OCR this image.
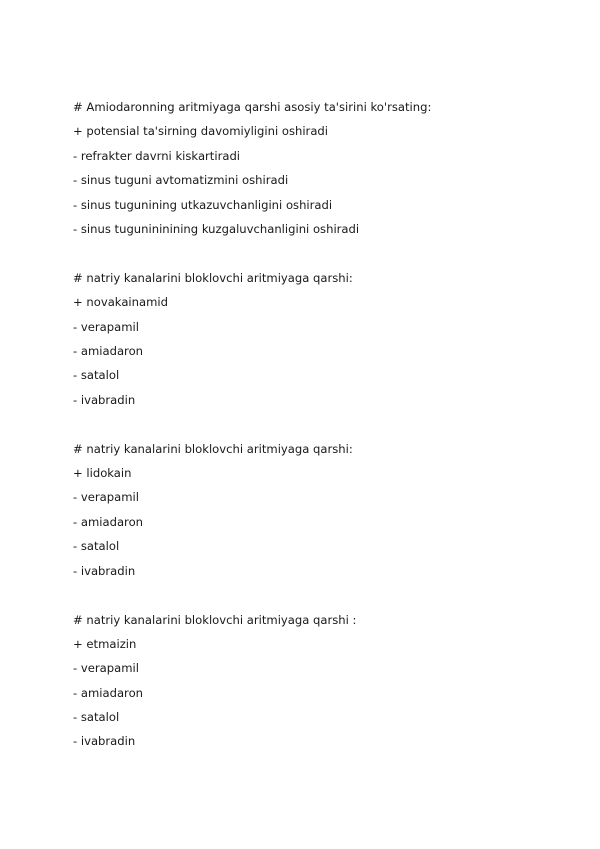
# Amiodaronning aritmiyaga qarshi asosiy ta'sirini ko'rsating:
+ potensial ta'sirning davomiyligini oshiradi
- refrakter davrni kiskartiradi
- sinus tuguni avtomatizmini oshiradi
- sinus tugunining utkazuvchanligini oshiradi
- sinus tugunininining kuzgaluvchanligini oshiradi
# natriy kanalarini bloklovchi aritmiyaga qarshi:
+ novakainamid
- verapamil
- amiadaron
- satalol
- ivabradin
# natriy kanalarini bloklovchi aritmiyaga qarshi:
+ lidokain
- verapamil
- amiadaron
- satalol
- ivabradin
# natriy kanalarini bloklovchi aritmiyaga qarshi :
+ etmaizin
- verapamil
- amiadaron
- satalol
- ivabradin
